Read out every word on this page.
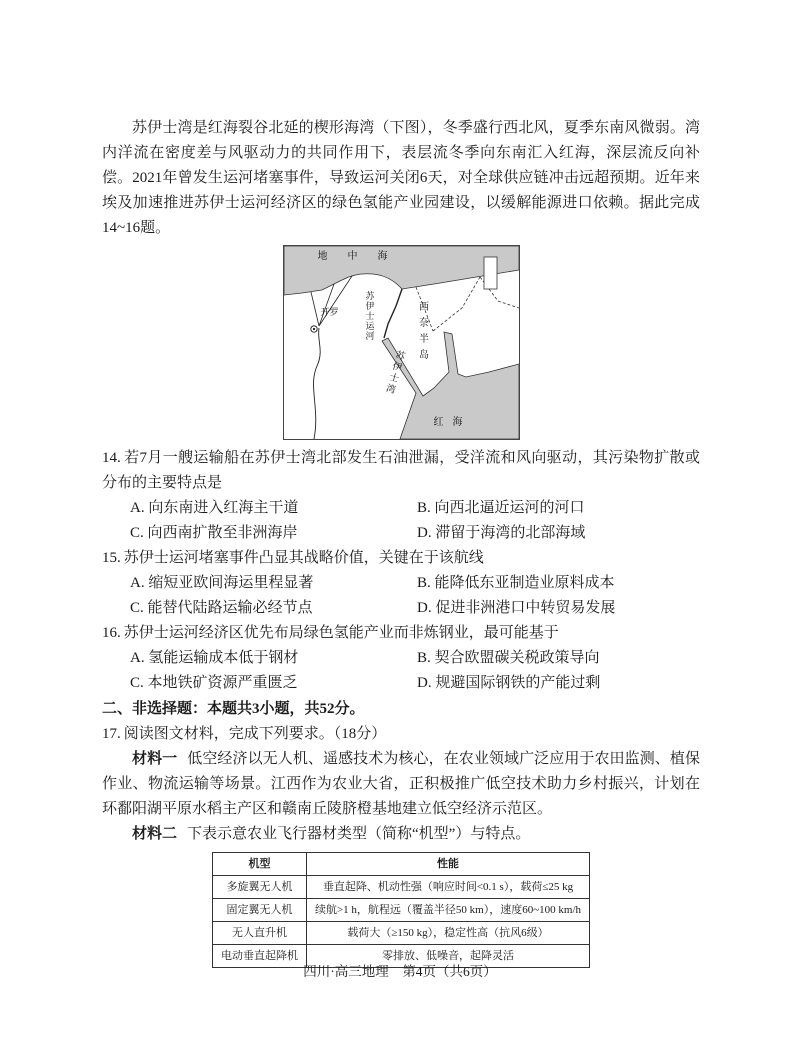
苏伊士湾是红海裂谷北延的楔形海湾（下图），冬季盛行西北风，夏季东南风微弱。湾内洋流在密度差与风驱动力的共同作用下，表层流冬季向东南汇入红海，深层流反向补偿。2021年曾发生运河堵塞事件，导致运河关闭6天，对全球供应链冲击远超预期。近年来埃及加速推进苏伊士运河经济区的绿色氢能产业园建设，以缓解能源进口依赖。据此完成14~16题。

地中海
开罗	苏伊士运河	西奈半岛
苏伊士湾
红海

14. 若7月一艘运输船在苏伊士湾北部发生石油泄漏，受洋流和风向驱动，其污染物扩散或分布的主要特点是

A. 向东南进入红海主干道	B. 向西北逼近运河的河口
C. 向西南扩散至非洲海岸	D. 滞留于海湾的北部海域

15. 苏伊士运河堵塞事件凸显其战略价值，关键在于该航线

A. 缩短亚欧间海运里程显著	B. 能降低东亚制造业原料成本
C. 能替代陆路运输必经节点	D. 促进非洲港口中转贸易发展

16. 苏伊士运河经济区优先布局绿色氢能产业而非炼钢业，最可能基于

A. 氢能运输成本低于钢材	B. 契合欧盟碳关税政策导向
C. 本地铁矿资源严重匮乏	D. 规避国际钢铁的产能过剩

二、非选择题：本题共3小题，共52分。

17. 阅读图文材料，完成下列要求。（18分）

材料一 低空经济以无人机、遥感技术为核心，在农业领域广泛应用于农田监测、植保作业、物流运输等场景。江西作为农业大省，正积极推广低空技术助力乡村振兴，计划在环鄱阳湖平原水稻主产区和赣南丘陵脐橙基地建立低空经济示范区。

材料二 下表示意农业飞行器材类型（简称“机型”）与特点。

机型	性能
多旋翼无人机	垂直起降、机动性强（响应时间<0.1 s），载荷≤25 kg
固定翼无人机	续航>1 h，航程远（覆盖半径50 km），速度60~100 km/h
无人直升机	载荷大（≥150 kg），稳定性高（抗风6级）
电动垂直起降机	零排放、低噪音，起降灵活
四川·高三地理　第4页（共6页）
